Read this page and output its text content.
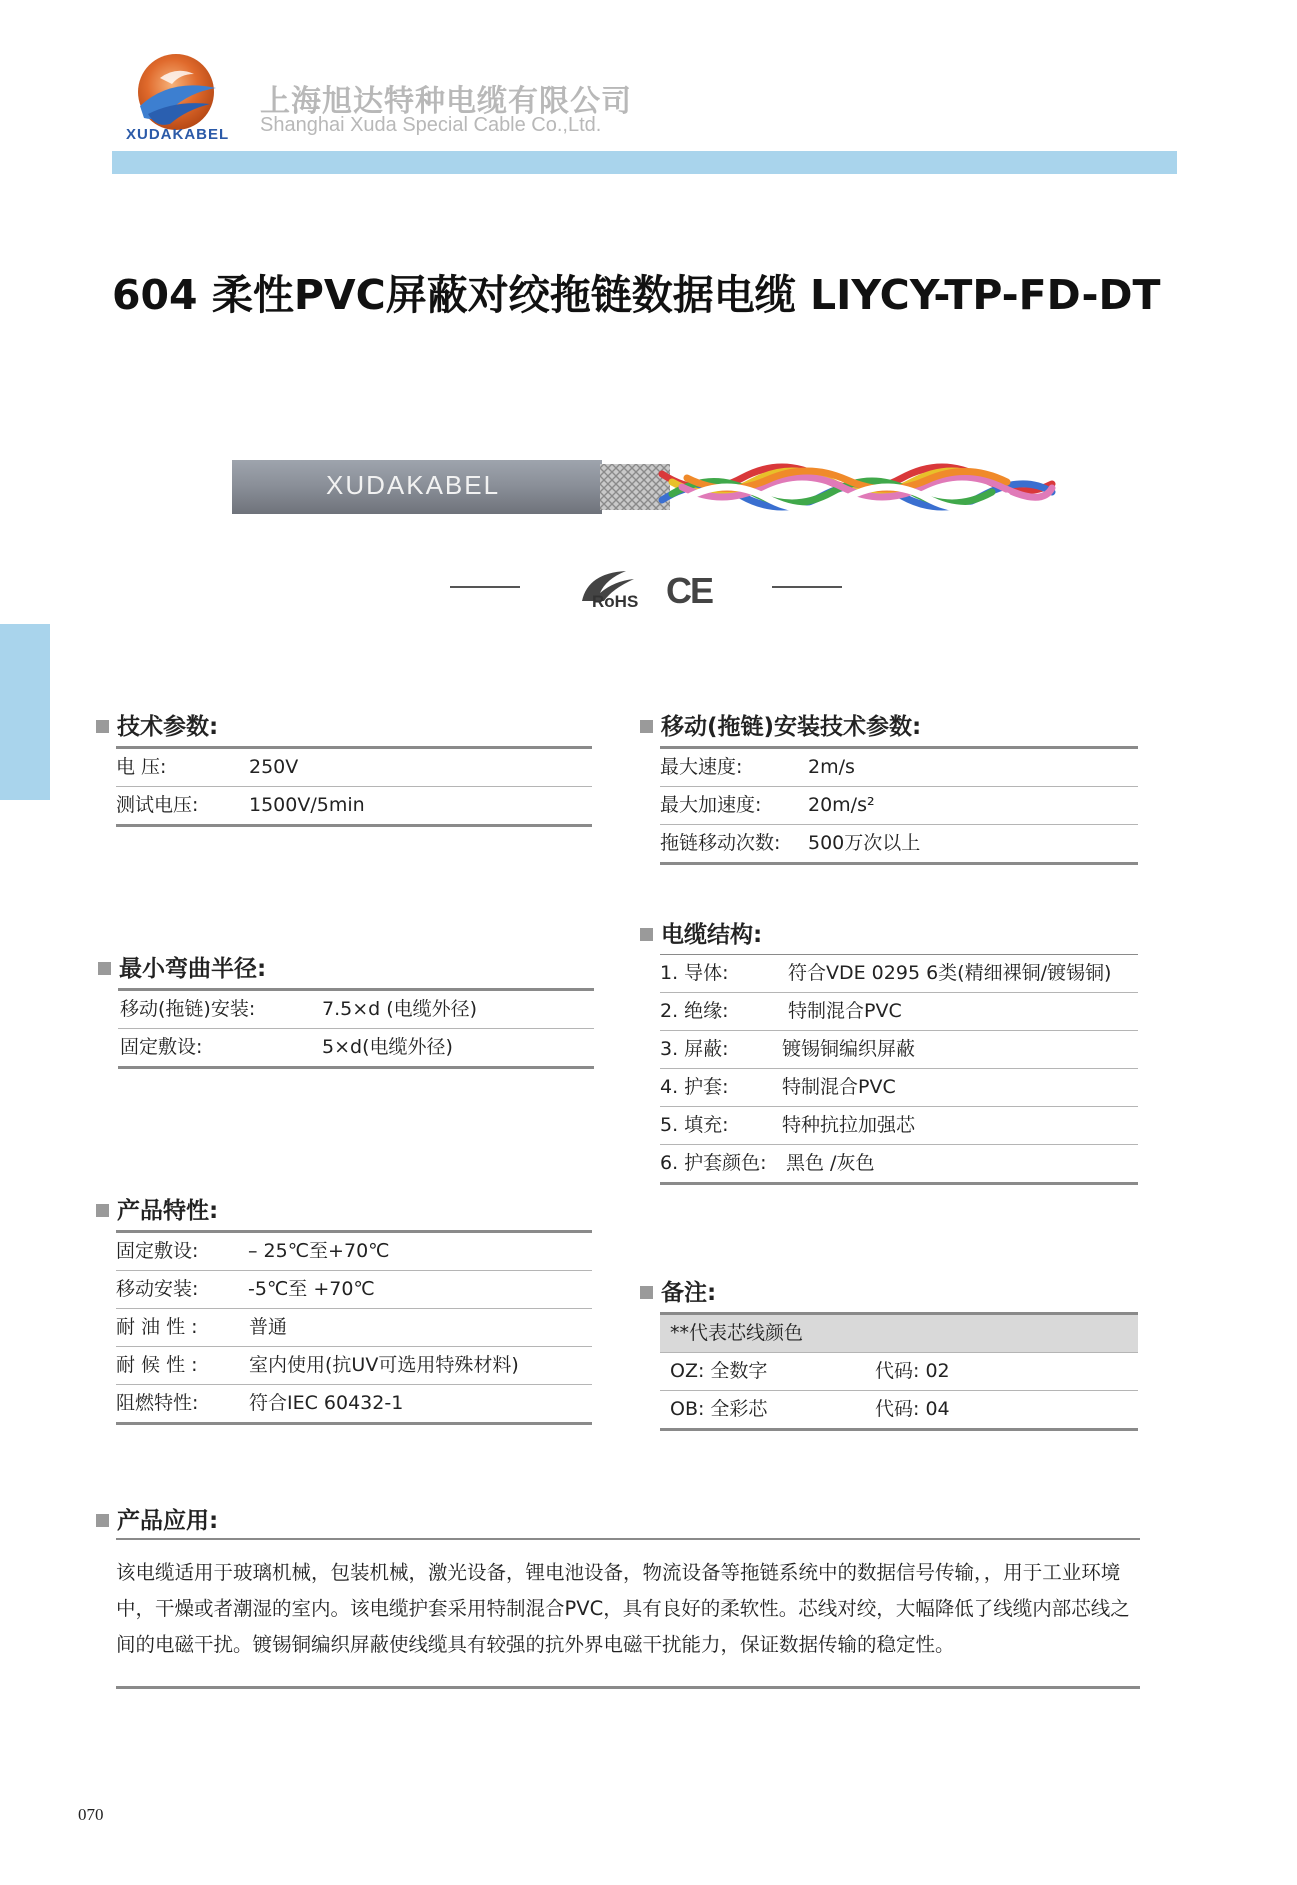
XUDAKABEL
上海旭达特种电缆有限公司
Shanghai Xuda Special Cable Co.,Ltd.
604 柔性PVC屏蔽对绞拖链数据电缆 LIYCY-TP-FD-DT
XUDAKABEL
RoHS CE
技术参数:
电 压:	250V
测试电压:	1500V/5min
移动(拖链)安装技术参数:
最大速度:	2m/s
最大加速度: 20m/s²
拖链移动次数: 500万次以上
最小弯曲半径:
移动(拖链)安装:	7.5×d (电缆外径)
固定敷设:	5×d(电缆外径)
电缆结构:
1. 导体:	符合VDE 0295 6类(精细裸铜/镀锡铜)
2. 绝缘:	特制混合PVC
3. 屏蔽:	镀锡铜编织屏蔽
4. 护套:	特制混合PVC
5. 填充:	特种抗拉加强芯
6. 护套颜色: 黑色 /灰色
产品特性:
固定敷设:	– 25℃至+70℃
移动安装:	-5℃至 +70℃
耐 油 性 :	普通
耐 候 性 :	室内使用(抗UV可选用特殊材料)
阻燃特性:	符合IEC 60432-1
备注:
**代表芯线颜色
OZ: 全数字	代码: 02
OB: 全彩芯	代码: 04
产品应用:
该电缆适用于玻璃机械，包装机械，激光设备，锂电池设备，物流设备等拖链系统中的数据信号传输，，用于工业环境中，干燥或者潮湿的室内。该电缆护套采用特制混合PVC，具有良好的柔软性。芯线对绞，大幅降低了线缆内部芯线之间的电磁干扰。镀锡铜编织屏蔽使线缆具有较强的抗外界电磁干扰能力，保证数据传输的稳定性。
070
